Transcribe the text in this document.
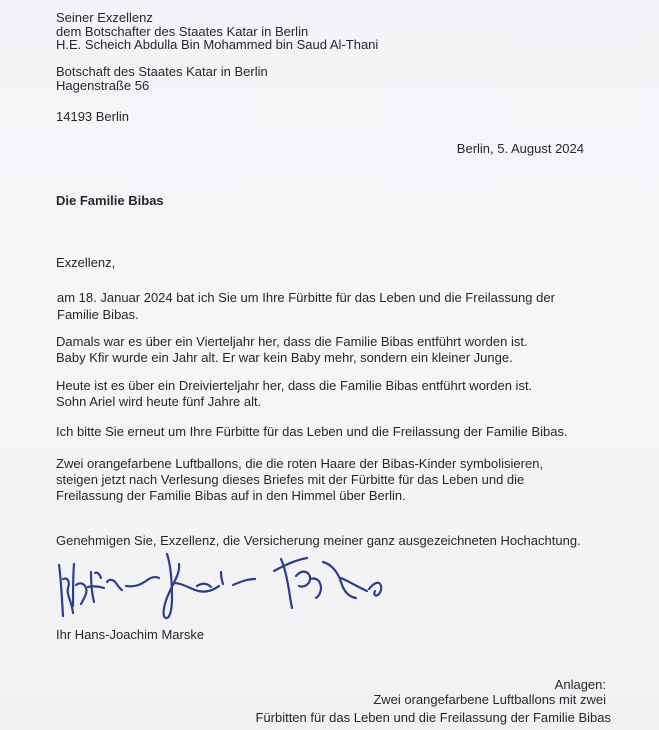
Seiner Exzellenz
dem Botschafter des Staates Katar in Berlin
H.E. Scheich Abdulla Bin Mohammed bin Saud Al-Thani
Botschaft des Staates Katar in Berlin
Hagenstraße 56
14193 Berlin
Berlin, 5. August 2024
Die Familie Bibas
Exzellenz,
am 18. Januar 2024 bat ich Sie um Ihre Fürbitte für das Leben und die Freilassung der
Familie Bibas.
Damals war es über ein Vierteljahr her, dass die Familie Bibas entführt worden ist.
Baby Kfir wurde ein Jahr alt. Er war kein Baby mehr, sondern ein kleiner Junge.
Heute ist es über ein Dreivierteljahr her, dass die Familie Bibas entführt worden ist.
Sohn Ariel wird heute fünf Jahre alt.
Ich bitte Sie erneut um Ihre Fürbitte für das Leben und die Freilassung der Familie Bibas.
Zwei orangefarbene Luftballons, die die roten Haare der Bibas-Kinder symbolisieren,
steigen jetzt nach Verlesung dieses Briefes mit der Fürbitte für das Leben und die
Freilassung der Familie Bibas auf in den Himmel über Berlin.
Genehmigen Sie, Exzellenz, die Versicherung meiner ganz ausgezeichneten Hochachtung.
Ihr Hans-Joachim Marske
Anlagen:
Zwei orangefarbene Luftballons mit zwei
Fürbitten für das Leben und die Freilassung der Familie Bibas
